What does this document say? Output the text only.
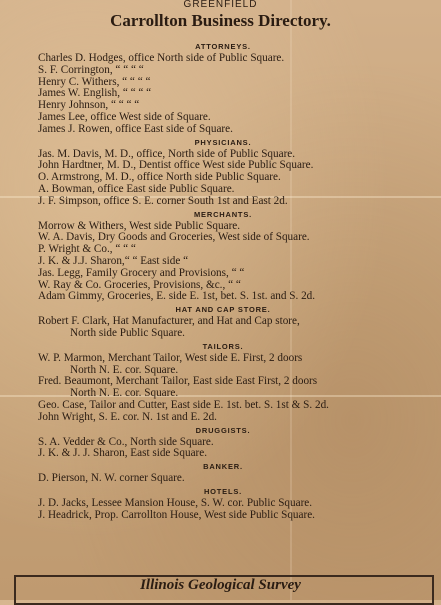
GREENFIELD
Carrollton Business Directory.
ATTORNEYS.
Charles D. Hodges, office North side of Public Square.
S. F. Corrington, “ “ “ “
Henry C. Withers, “ “ “ “
James W. English, “ “ “ “
Henry Johnson, “ “ “ “
James Lee, office West side of Square.
James J. Rowen, office East side of Square.
PHYSICIANS.
Jas. M. Davis, M. D., office, North side of Public Square.
John Hardtner, M. D., Dentist office West side Public Square.
O. Armstrong, M. D., office North side Public Square.
A. Bowman, office East side Public Square.
J. F. Simpson, office S. E. corner South 1st and East 2d.
MERCHANTS.
Morrow & Withers, West side Public Square.
W. A. Davis, Dry Goods and Groceries, West side of Square.
P. Wright & Co., “ “ “
J. K. & J.J. Sharon,“ “ East side “
Jas. Legg, Family Grocery and Provisions, “ “
W. Ray & Co. Groceries, Provisions, &c., “ “
Adam Gimmy, Groceries, E. side E. 1st, bet. S. 1st. and S. 2d.
HAT AND CAP STORE.
Robert F. Clark, Hat Manufacturer, and Hat and Cap store,
North side Public Square.
TAILORS.
W. P. Marmon, Merchant Tailor, West side E. First, 2 doors
North N. E. cor. Square.
Fred. Beaumont, Merchant Tailor, East side East First, 2 doors
North N. E. cor. Square.
Geo. Case, Tailor and Cutter, East side E. 1st. bet. S. 1st & S. 2d.
John Wright, S. E. cor. N. 1st and E. 2d.
DRUGGISTS.
S. A. Vedder & Co., North side Square.
J. K. & J. J. Sharon, East side Square.
BANKER.
D. Pierson, N. W. corner Square.
HOTELS.
J. D. Jacks, Lessee Mansion House, S. W. cor. Public Square.
J. Headrick, Prop. Carrollton House, West side Public Square.
Illinois Geological Survey
